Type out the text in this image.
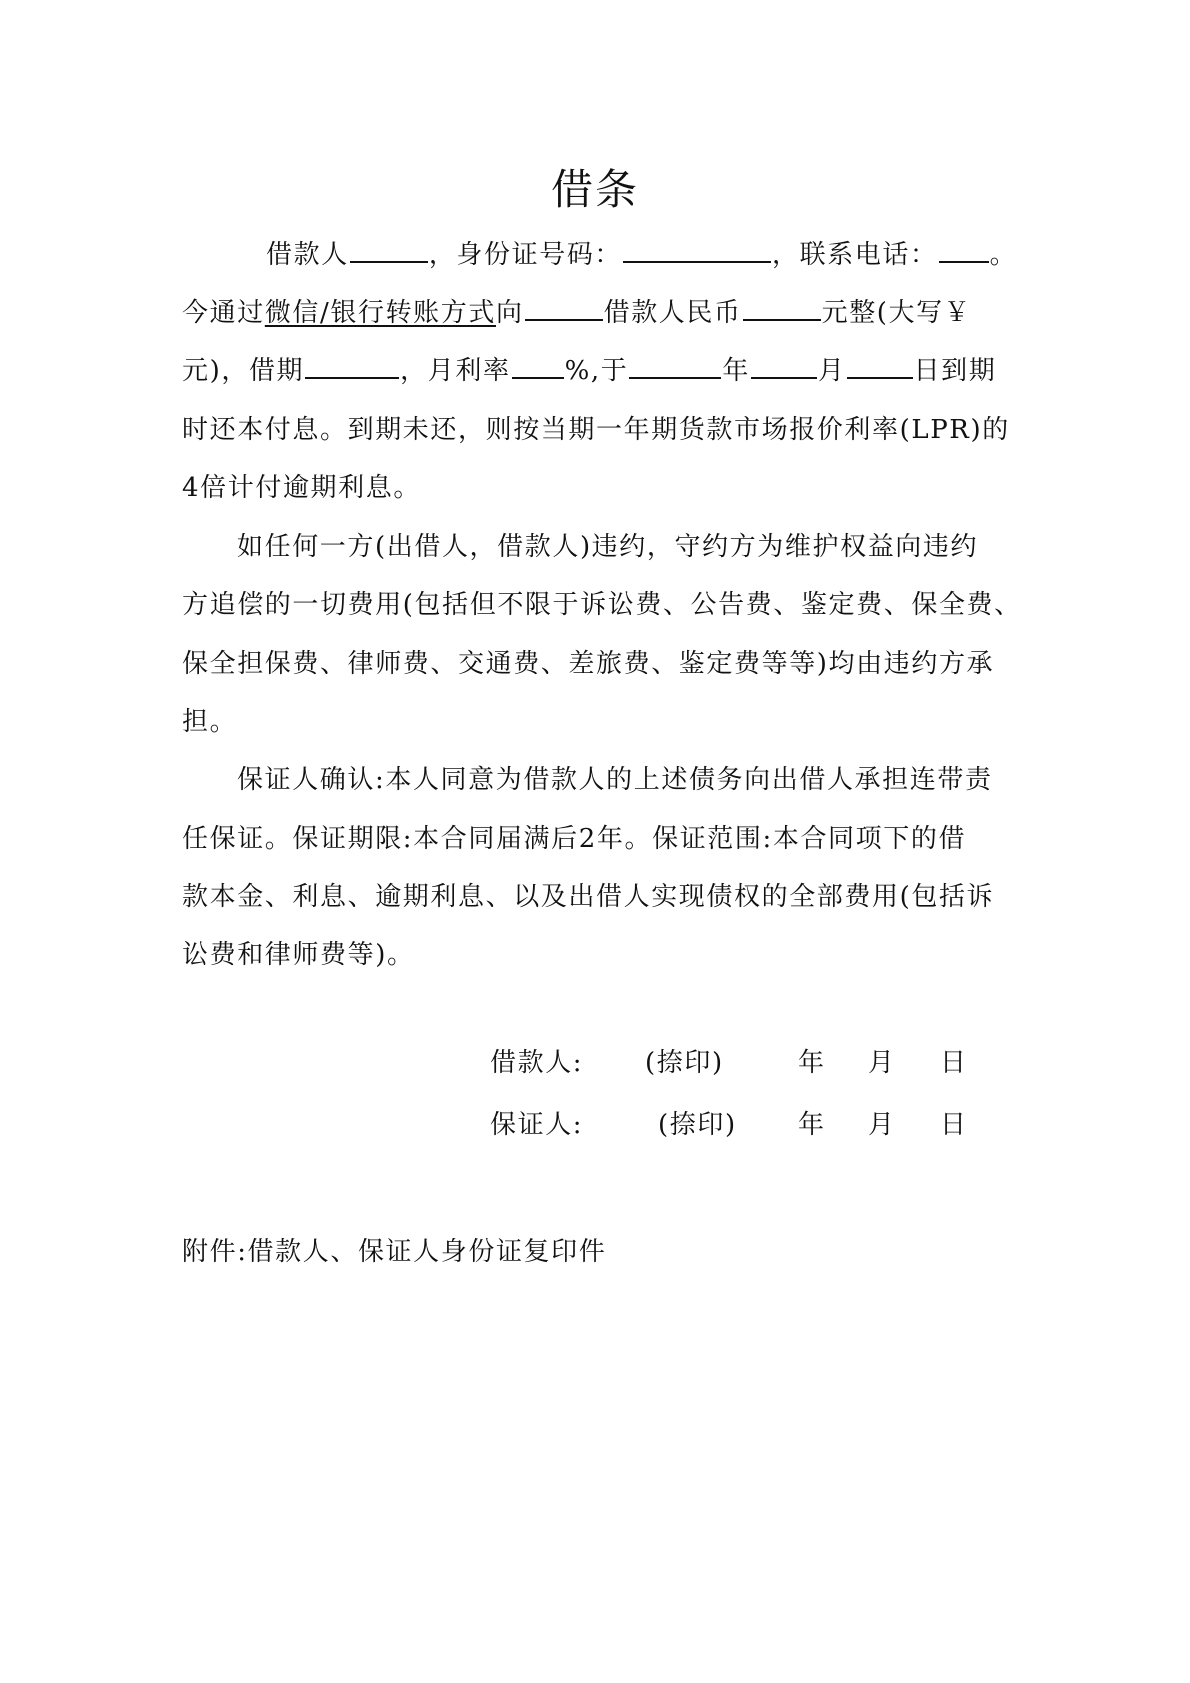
借条
借款人	，身份证号码：	，联系电话： 。
今通过微信/银行转账方式向	借款人民币	元整(大写￥
元)，借期	，月利率 %,于	年	月	日到期
时还本付息。到期未还，则按当期一年期货款市场报价利率(LPR)的
4倍计付逾期利息。
如任何一方(出借人，借款人)违约，守约方为维护权益向违约
方追偿的一切费用(包括但不限于诉讼费、公告费、鉴定费、保全费、
保全担保费、律师费、交通费、差旅费、鉴定费等等)均由违约方承
担。
保证人确认:本人同意为借款人的上述债务向出借人承担连带责
任保证。保证期限:本合同届满后2年。保证范围:本合同项下的借
款本金、利息、逾期利息、以及出借人实现债权的全部费用(包括诉
讼费和律师费等)。
借款人: (捺印)	年 月 日
保证人:	(捺印) 年 月 日
附件:借款人、保证人身份证复印件
